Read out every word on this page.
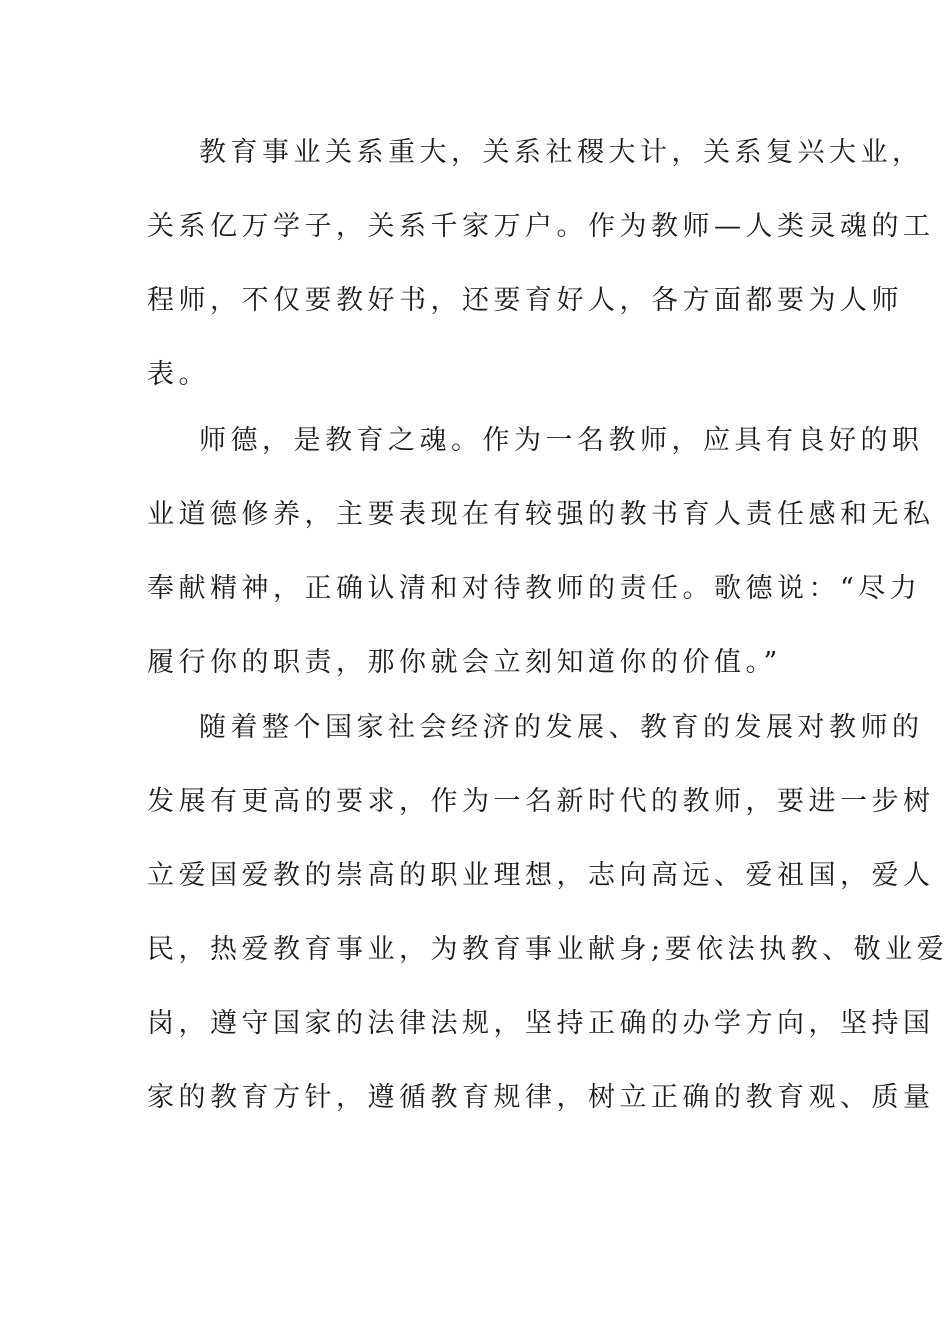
教育事业关系重大，关系社稷大计，关系复兴大业，

关系亿万学子，关系千家万户。作为教师—人类灵魂的工

程师，不仅要教好书，还要育好人，各方面都要为人师

表。

师德，是教育之魂。作为一名教师，应具有良好的职

业道德修养，主要表现在有较强的教书育人责任感和无私

奉献精神，正确认清和对待教师的责任。歌德说：“尽力

履行你的职责，那你就会立刻知道你的价值。”

随着整个国家社会经济的发展、教育的发展对教师的

发展有更高的要求，作为一名新时代的教师，要进一步树

立爱国爱教的崇高的职业理想，志向高远、爱祖国，爱人

民，热爱教育事业，为教育事业献身;要依法执教、敬业爱

岗，遵守国家的法律法规，坚持正确的办学方向，坚持国

家的教育方针，遵循教育规律，树立正确的教育观、质量
